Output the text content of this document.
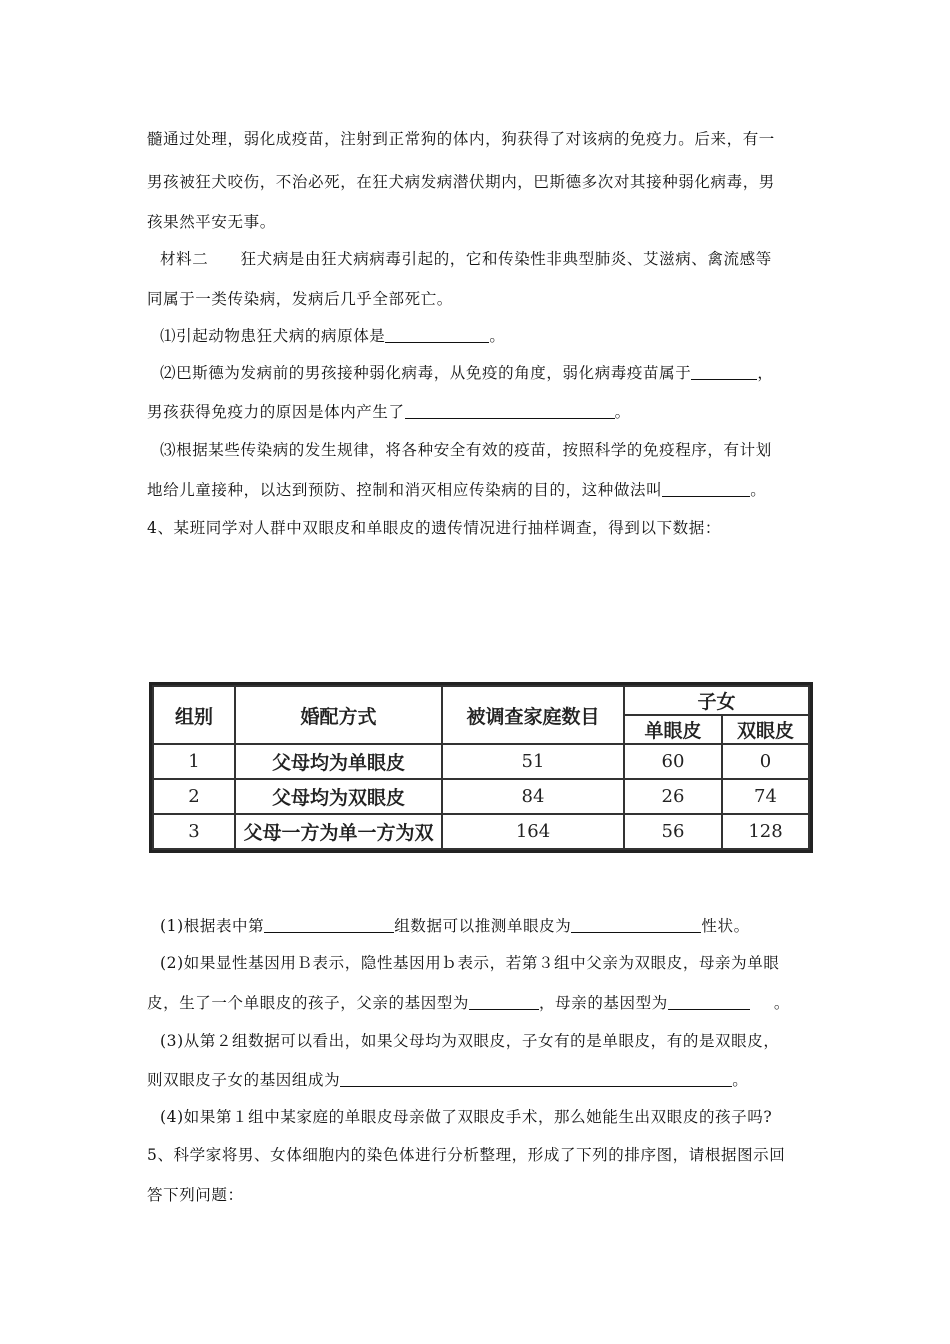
髓通过处理，弱化成疫苗，注射到正常狗的体内，狗获得了对该病的免疫力。后来，有一
男孩被狂犬咬伤，不治必死，在狂犬病发病潜伏期内，巴斯德多次对其接种弱化病毒，男
孩果然平安无事。
材料二　　狂犬病是由狂犬病病毒引起的，它和传染性非典型肺炎、艾滋病、禽流感等
同属于一类传染病，发病后几乎全部死亡。
⑴引起动物患狂犬病的病原体是	。
⑵巴斯德为发病前的男孩接种弱化病毒，从免疫的角度，弱化病毒疫苗属于	，
男孩获得免疫力的原因是体内产生了	。
⑶根据某些传染病的发生规律，将各种安全有效的疫苗，按照科学的免疫程序，有计划
地给儿童接种，以达到预防、控制和消灭相应传染病的目的，这种做法叫	。
4、某班同学对人群中双眼皮和单眼皮的遗传情况进行抽样调查，得到以下数据：
组别	婚配方式	被调查家庭数目	子女	
			单眼皮	双眼皮
1	父母均为单眼皮	51	60	0
2	父母均为双眼皮	84	26	74
3	父母一方为单一方为双	164	56	128
(1)根据表中第	组数据可以推测单眼皮为	性状。
(2)如果显性基因用Ｂ表示，隐性基因用ｂ表示，若第３组中父亲为双眼皮，母亲为单眼
皮，生了一个单眼皮的孩子，父亲的基因型为	，母亲的基因型为	。
(3)从第２组数据可以看出，如果父母均为双眼皮，子女有的是单眼皮，有的是双眼皮，
则双眼皮子女的基因组成为	。
(4)如果第１组中某家庭的单眼皮母亲做了双眼皮手术，那么她能生出双眼皮的孩子吗?
5、科学家将男、女体细胞内的染色体进行分析整理，形成了下列的排序图，请根据图示回
答下列问题：
